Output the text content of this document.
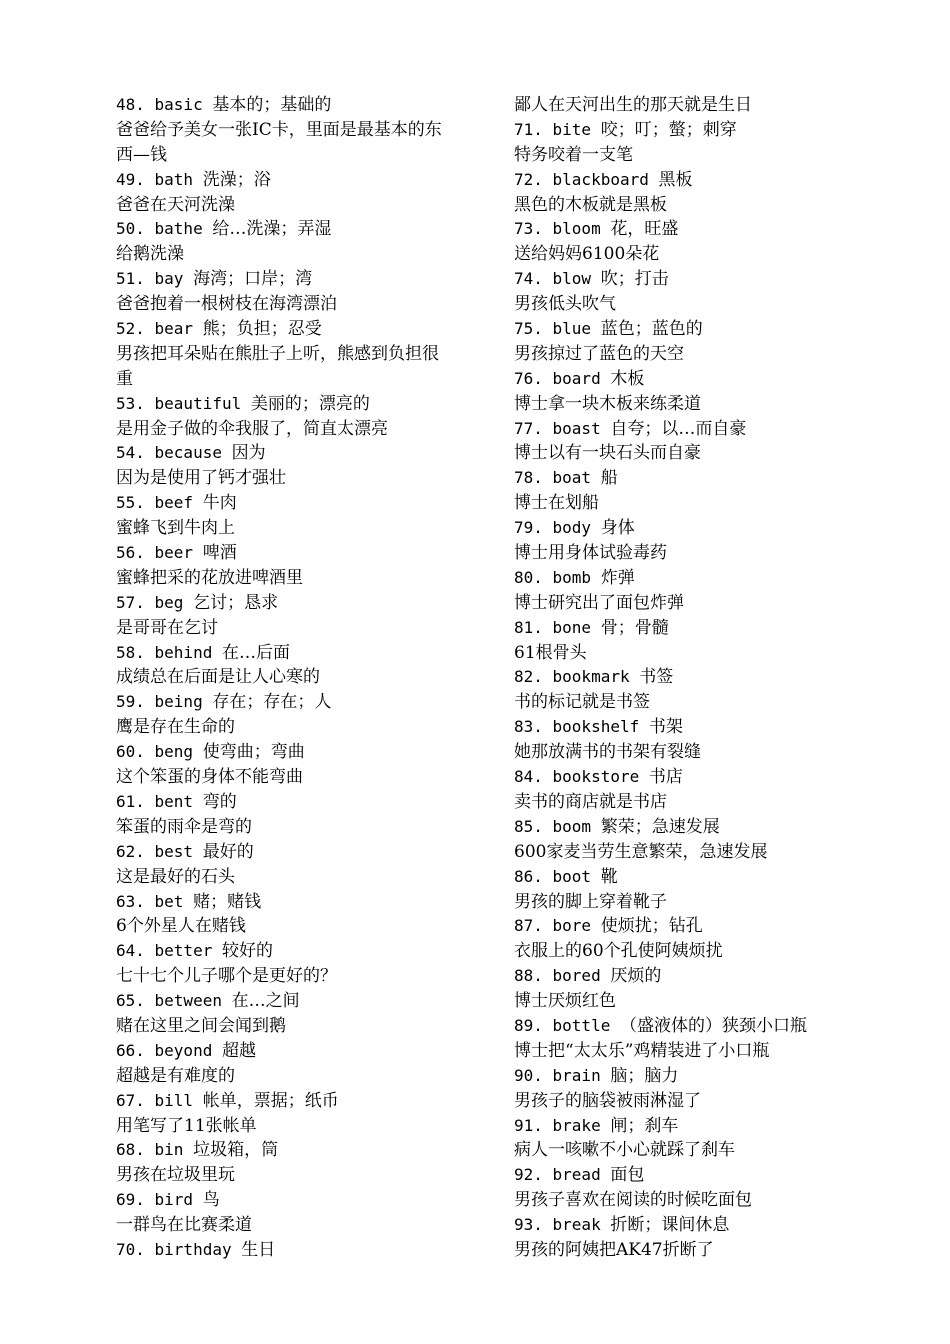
48. basic 基本的；基础的
爸爸给予美女一张IC卡，里面是最基本的东
西—钱
49. bath 洗澡；浴
爸爸在天河洗澡
50. bathe 给…洗澡；弄湿
给鹅洗澡
51. bay 海湾；口岸；湾
爸爸抱着一根树枝在海湾漂泊
52. bear 熊；负担；忍受
男孩把耳朵贴在熊肚子上听，熊感到负担很
重
53. beautiful 美丽的；漂亮的
是用金子做的伞我服了，简直太漂亮
54. because 因为
因为是使用了钙才强壮
55. beef 牛肉
蜜蜂飞到牛肉上
56. beer 啤酒
蜜蜂把采的花放进啤酒里
57. beg 乞讨；恳求
是哥哥在乞讨
58. behind 在…后面
成绩总在后面是让人心寒的
59. being 存在；存在；人
鹰是存在生命的
60. beng 使弯曲；弯曲
这个笨蛋的身体不能弯曲
61. bent 弯的
笨蛋的雨伞是弯的
62. best 最好的
这是最好的石头
63. bet 赌；赌钱
6个外星人在赌钱
64. better 较好的
七十七个儿子哪个是更好的？
65. between 在…之间
赌在这里之间会闻到鹅
66. beyond 超越
超越是有难度的
67. bill 帐单，票据；纸币
用笔写了11张帐单
68. bin 垃圾箱，筒
男孩在垃圾里玩
69. bird 鸟
一群鸟在比赛柔道
70. birthday 生日
鄙人在天河出生的那天就是生日
71. bite 咬；叮；螫；刺穿
特务咬着一支笔
72. blackboard 黑板
黑色的木板就是黑板
73. bloom 花，旺盛
送给妈妈6100朵花
74. blow 吹；打击
男孩低头吹气
75. blue 蓝色；蓝色的
男孩掠过了蓝色的天空
76. board 木板
博士拿一块木板来练柔道
77. boast 自夸；以…而自豪
博士以有一块石头而自豪
78. boat 船
博士在划船
79. body 身体
博士用身体试验毒药
80. bomb 炸弹
博士研究出了面包炸弹
81. bone 骨；骨髓
61根骨头
82. bookmark 书签
书的标记就是书签
83. bookshelf 书架
她那放满书的书架有裂缝
84. bookstore 书店
卖书的商店就是书店
85. boom 繁荣；急速发展
600家麦当劳生意繁荣，急速发展
86. boot 靴
男孩的脚上穿着靴子
87. bore 使烦扰；钻孔
衣服上的60个孔使阿姨烦扰
88. bored 厌烦的
博士厌烦红色
89. bottle （盛液体的）狭颈小口瓶
博士把“太太乐”鸡精装进了小口瓶
90. brain 脑；脑力
男孩子的脑袋被雨淋湿了
91. brake 闸；刹车
病人一咳嗽不小心就踩了刹车
92. bread 面包
男孩子喜欢在阅读的时候吃面包
93. break 折断；课间休息
男孩的阿姨把AK47折断了
